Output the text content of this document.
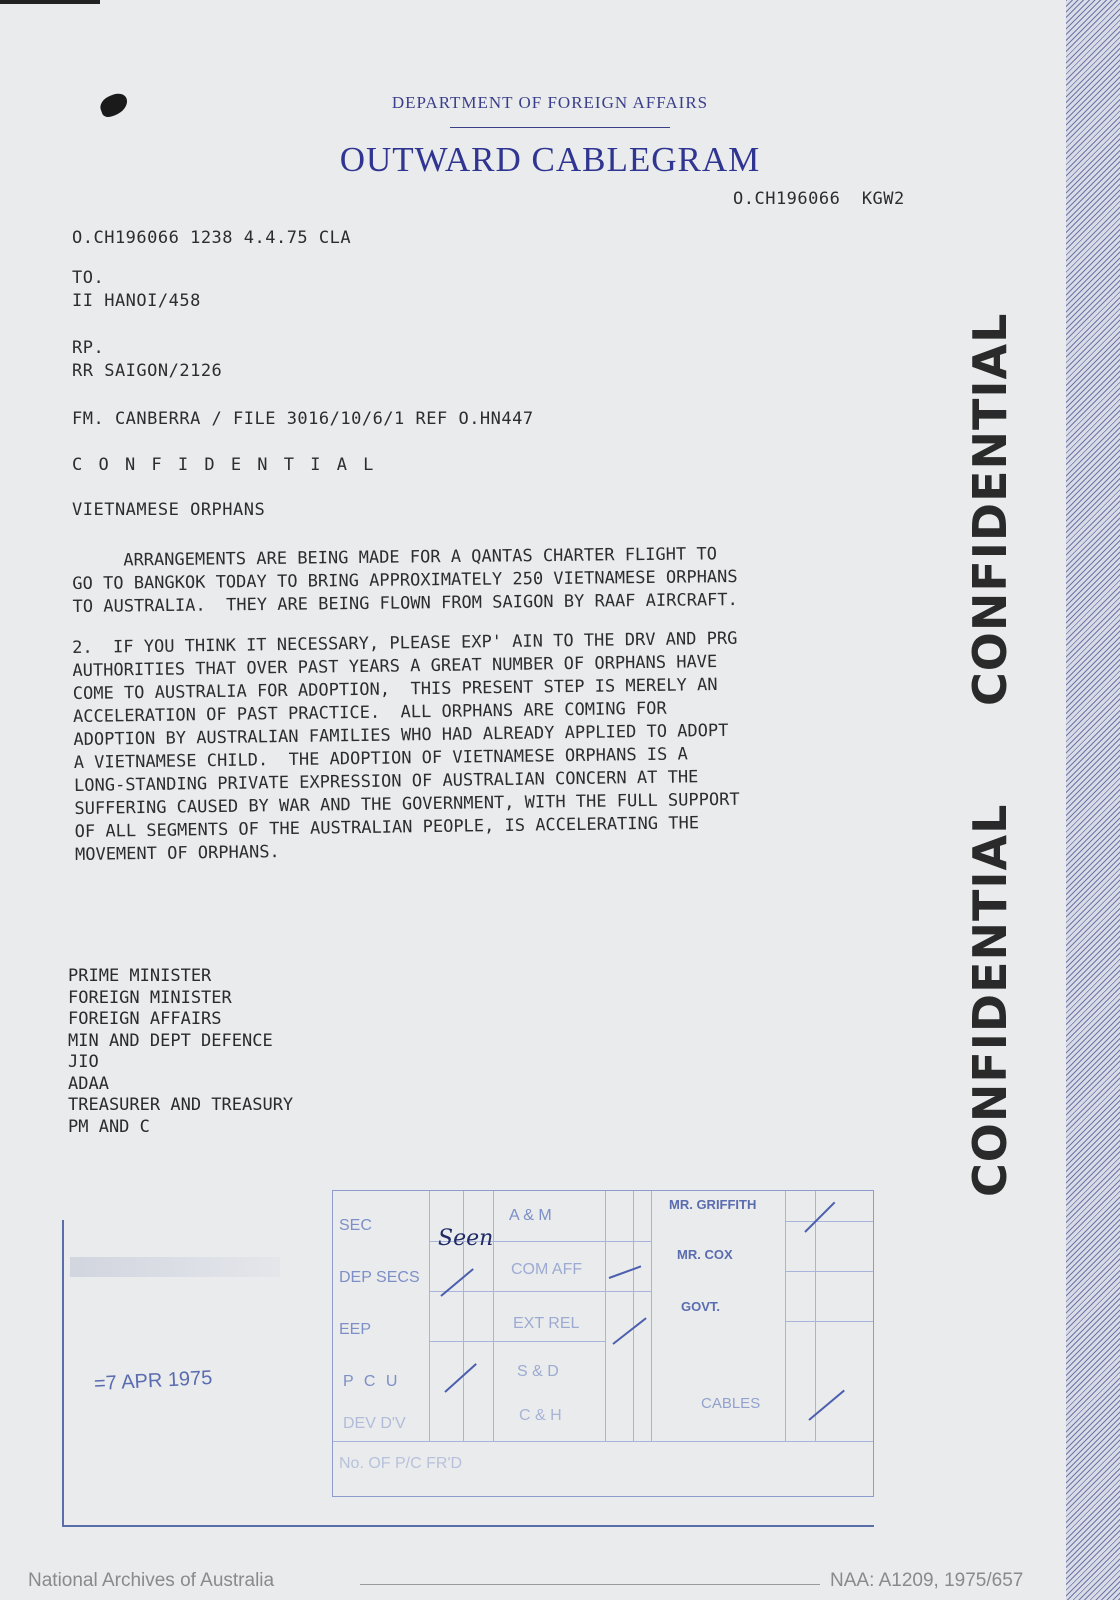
DEPARTMENT OF FOREIGN AFFAIRS
OUTWARD CABLEGRAM
O.CH196066  KGW2
O.CH196066 1238 4.4.75 CLA
TO.
II HANOI/458
RP.
RR SAIGON/2126
FM. CANBERRA / FILE 3016/10/6/1 REF O.HN447
C O N F I D E N T I A L
VIETNAMESE ORPHANS
ARRANGEMENTS ARE BEING MADE FOR A QANTAS CHARTER FLIGHT TO
GO TO BANGKOK TODAY TO BRING APPROXIMATELY 250 VIETNAMESE ORPHANS
TO AUSTRALIA.  THEY ARE BEING FLOWN FROM SAIGON BY RAAF AIRCRAFT.
2.  IF YOU THINK IT NECESSARY, PLEASE EXP' AIN TO THE DRV AND PRG
AUTHORITIES THAT OVER PAST YEARS A GREAT NUMBER OF ORPHANS HAVE
COME TO AUSTRALIA FOR ADOPTION,  THIS PRESENT STEP IS MERELY AN
ACCELERATION OF PAST PRACTICE.  ALL ORPHANS ARE COMING FOR
ADOPTION BY AUSTRALIAN FAMILIES WHO HAD ALREADY APPLIED TO ADOPT
A VIETNAMESE CHILD.  THE ADOPTION OF VIETNAMESE ORPHANS IS A
LONG-STANDING PRIVATE EXPRESSION OF AUSTRALIAN CONCERN AT THE
SUFFERING CAUSED BY WAR AND THE GOVERNMENT, WITH THE FULL SUPPORT
OF ALL SEGMENTS OF THE AUSTRALIAN PEOPLE, IS ACCELERATING THE
MOVEMENT OF ORPHANS.
PRIME MINISTER
FOREIGN MINISTER
FOREIGN AFFAIRS
MIN AND DEPT DEFENCE
JIO
ADAA
TREASURER AND TREASURY
PM AND C
CONFIDENTIAL
CONFIDENTIAL
=7 APR 1975
SEC
DEP SECS
EEP
P C U
DEV D'V
A & M
COM AFF
EXT REL
S & D
C & H
MR. GRIFFITH
MR. COX
GOVT.
CABLES
No. OF P/C FR'D
Seen
National Archives of Australia	NAA: A1209, 1975/657
